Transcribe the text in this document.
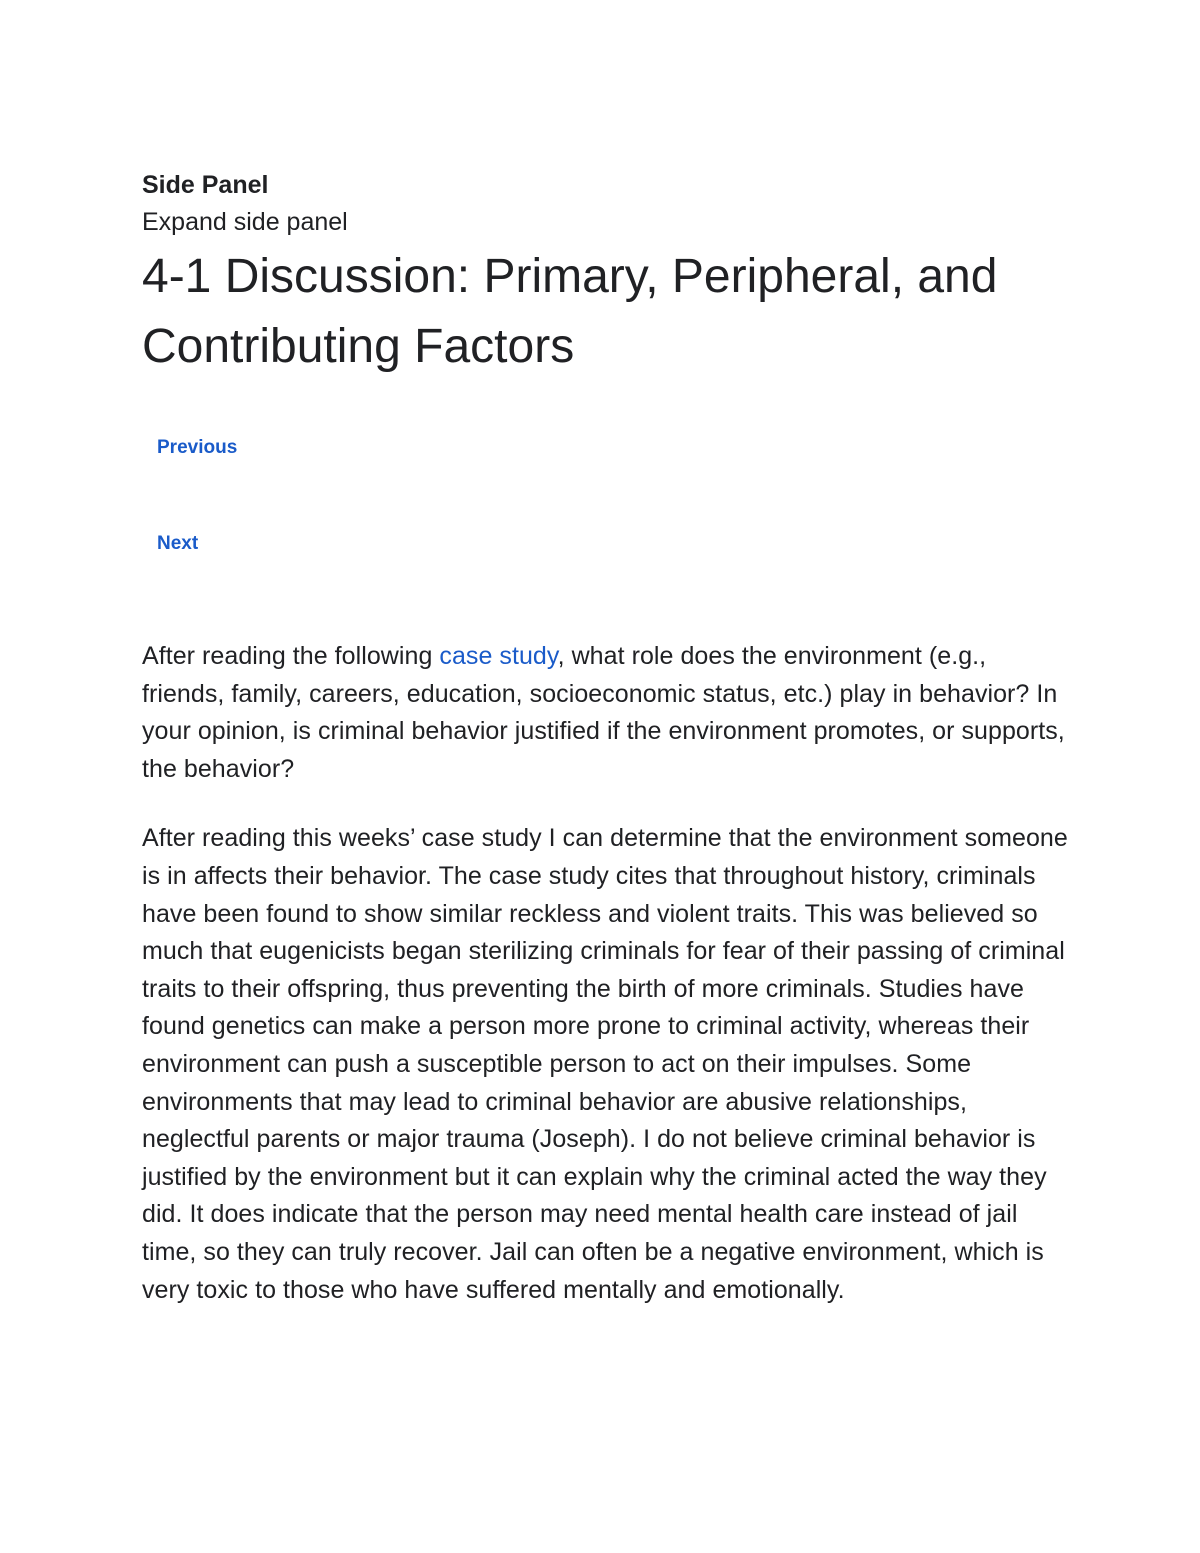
Side Panel
Expand side panel
4-1 Discussion: Primary, Peripheral, and Contributing Factors
Previous
Next

After reading the following case study, what role does the environment (e.g., friends, family, careers, education, socioeconomic status, etc.) play in behavior? In your opinion, is criminal behavior justified if the environment promotes, or supports, the behavior?

After reading this weeks’ case study I can determine that the environment someone is in affects their behavior. The case study cites that throughout history, criminals have been found to show similar reckless and violent traits. This was believed so much that eugenicists began sterilizing criminals for fear of their passing of criminal traits to their offspring, thus preventing the birth of more criminals. Studies have found genetics can make a person more prone to criminal activity, whereas their environment can push a susceptible person to act on their impulses. Some environments that may lead to criminal behavior are abusive relationships, neglectful parents or major trauma (Joseph). I do not believe criminal behavior is justified by the environment but it can explain why the criminal acted the way they did. It does indicate that the person may need mental health care instead of jail time, so they can truly recover. Jail can often be a negative environment, which is very toxic to those who have suffered mentally and emotionally.
